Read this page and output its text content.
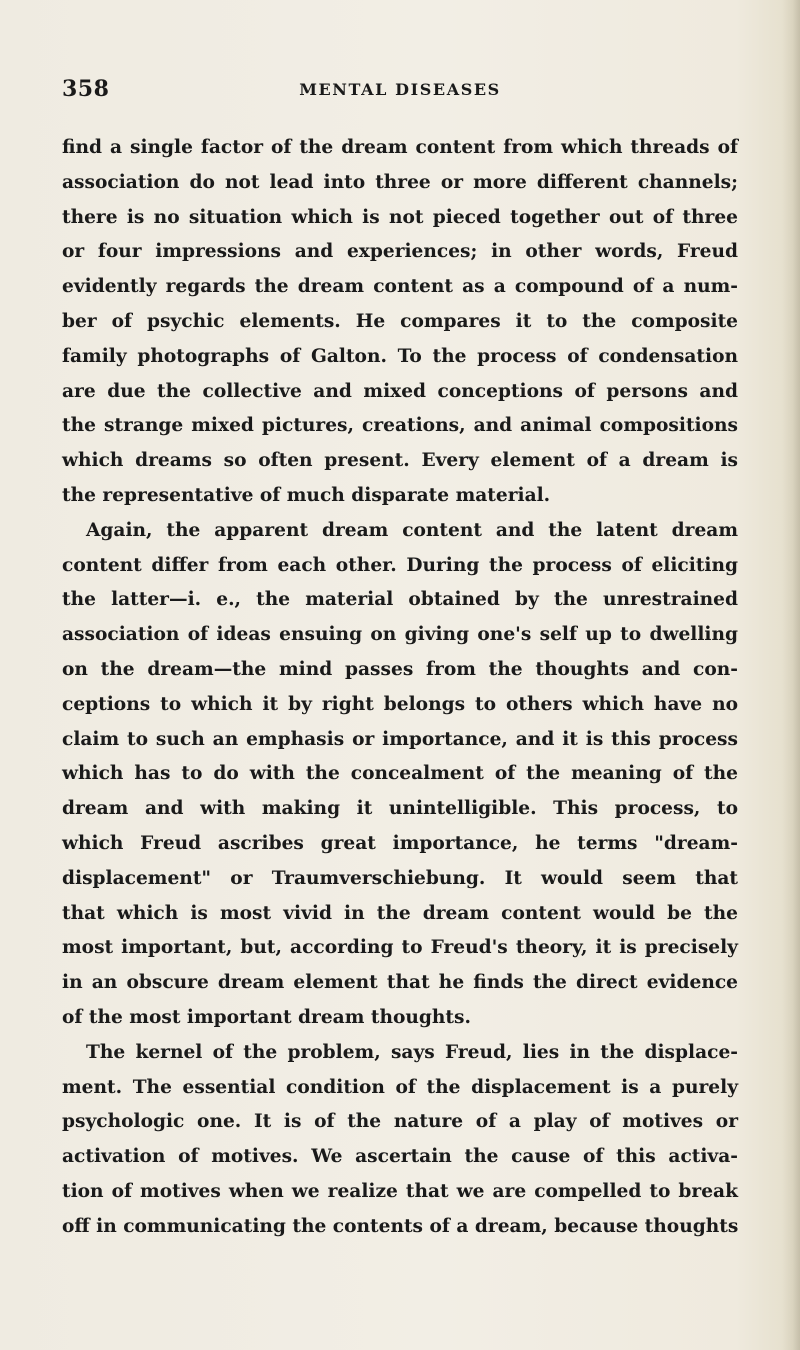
358	MENTAL DISEASES
find a single factor of the dream content from which threads of
association do not lead into three or more different channels;
there is no situation which is not pieced together out of three
or four impressions and experiences; in other words, Freud
evidently regards the dream content as a compound of a num-
ber of psychic elements. He compares it to the composite
family photographs of Galton. To the process of condensation
are due the collective and mixed conceptions of persons and
the strange mixed pictures, creations, and animal compositions
which dreams so often present. Every element of a dream is
the representative of much disparate material.
Again, the apparent dream content and the latent dream
content differ from each other. During the process of eliciting
the latter—i. e., the material obtained by the unrestrained
association of ideas ensuing on giving one's self up to dwelling
on the dream—the mind passes from the thoughts and con-
ceptions to which it by right belongs to others which have no
claim to such an emphasis or importance, and it is this process
which has to do with the concealment of the meaning of the
dream and with making it unintelligible. This process, to
which Freud ascribes great importance, he terms "dream-
displacement" or Traumverschiebung. It would seem that
that which is most vivid in the dream content would be the
most important, but, according to Freud's theory, it is precisely
in an obscure dream element that he finds the direct evidence
of the most important dream thoughts.
The kernel of the problem, says Freud, lies in the displace-
ment. The essential condition of the displacement is a purely
psychologic one. It is of the nature of a play of motives or
activation of motives. We ascertain the cause of this activa-
tion of motives when we realize that we are compelled to break
off in communicating the contents of a dream, because thoughts
